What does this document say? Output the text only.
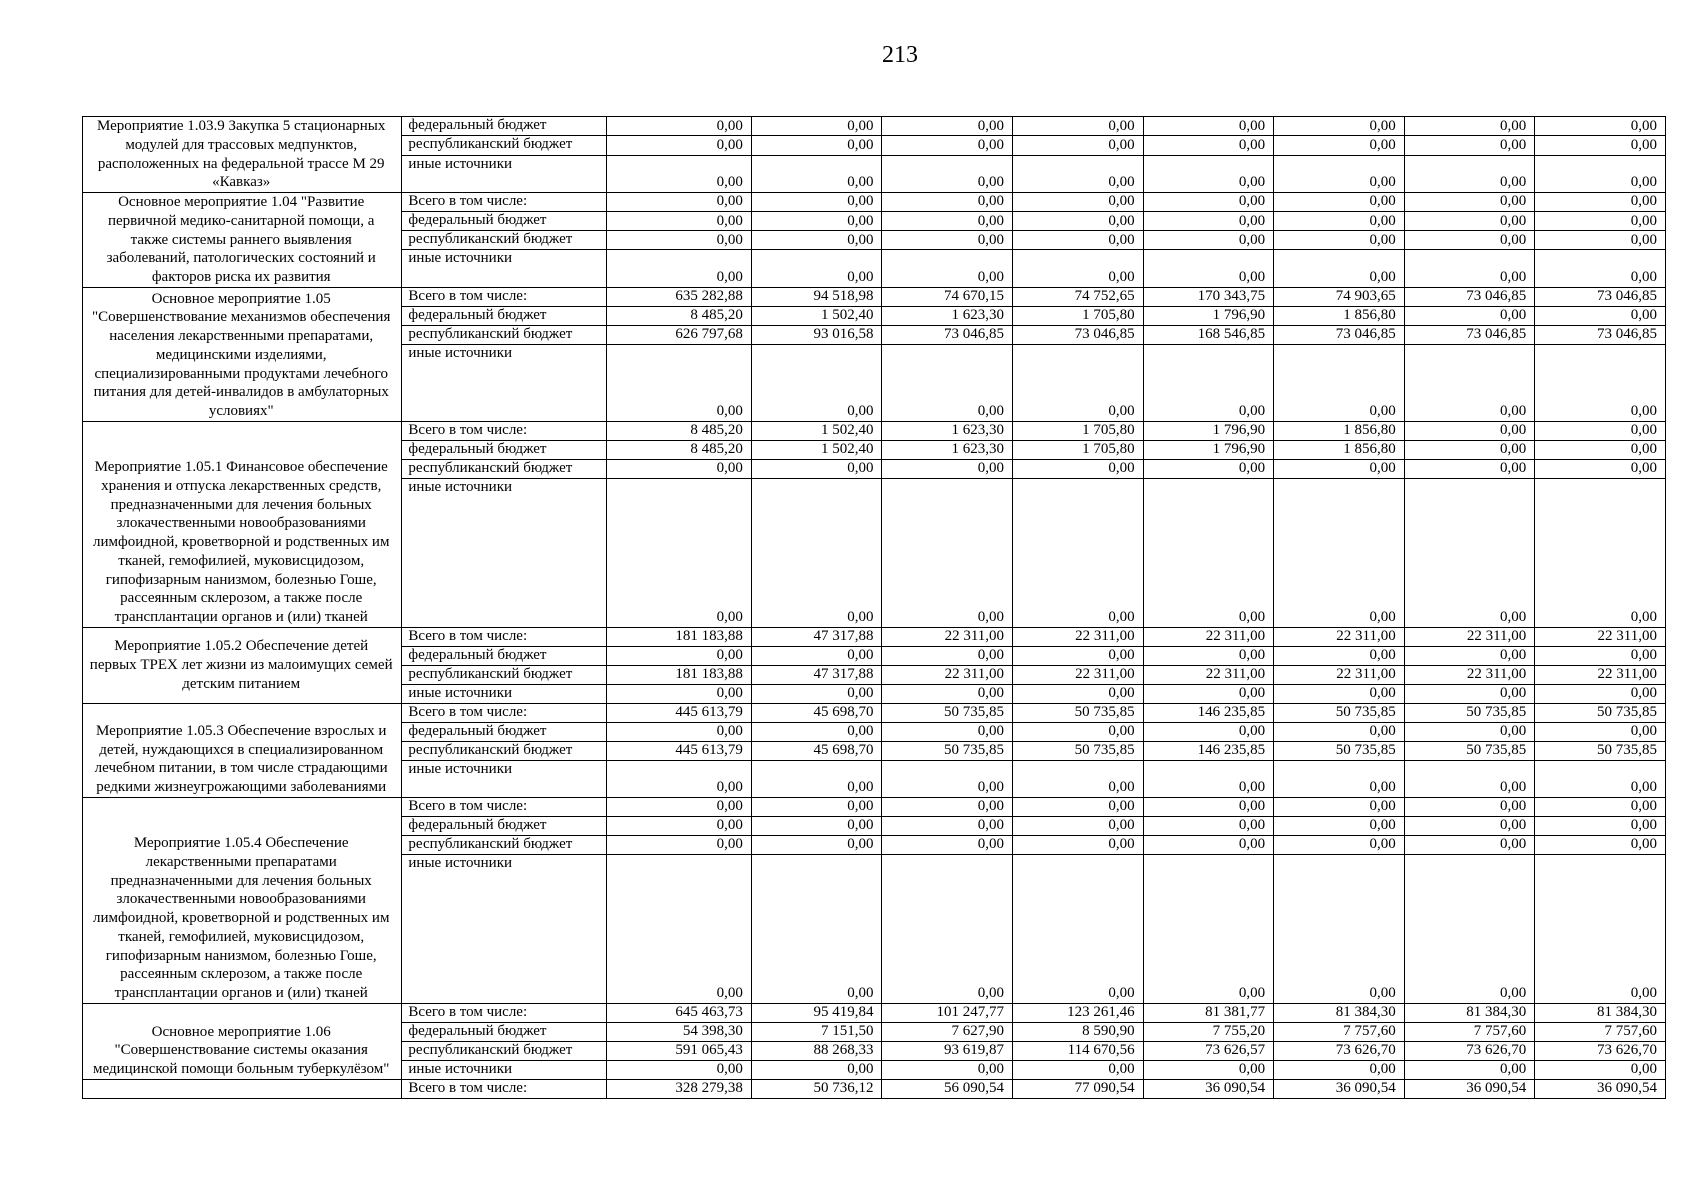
213
Мероприятие 1.03.9 Закупка 5 стационарных модулей для трассовых медпунктов, расположенных на федеральной трассе М 29 «Кавказ»	федеральный бюджет	0,00	0,00	0,00	0,00	0,00	0,00	0,00	0,00
	республиканский бюджет	0,00	0,00	0,00	0,00	0,00	0,00	0,00	0,00
	иные источники	0,00	0,00	0,00	0,00	0,00	0,00	0,00	0,00
Основное мероприятие 1.04 "Развитие первичной медико-санитарной помощи, а также системы раннего выявления заболеваний, патологических состояний и факторов риска их развития	Всего в том числе:	0,00	0,00	0,00	0,00	0,00	0,00	0,00	0,00
	федеральный бюджет	0,00	0,00	0,00	0,00	0,00	0,00	0,00	0,00
	республиканский бюджет	0,00	0,00	0,00	0,00	0,00	0,00	0,00	0,00
	иные источники	0,00	0,00	0,00	0,00	0,00	0,00	0,00	0,00
Основное мероприятие 1.05 "Совершенствование механизмов обеспечения населения лекарственными препаратами, медицинскими изделиями, специализированными продуктами лечебного питания для детей-инвалидов в амбулаторных условиях"	Всего в том числе:	635 282,88	94 518,98	74 670,15	74 752,65	170 343,75	74 903,65	73 046,85	73 046,85
	федеральный бюджет	8 485,20	1 502,40	1 623,30	1 705,80	1 796,90	1 856,80	0,00	0,00
	республиканский бюджет	626 797,68	93 016,58	73 046,85	73 046,85	168 546,85	73 046,85	73 046,85	73 046,85
	иные источники	0,00	0,00	0,00	0,00	0,00	0,00	0,00	0,00
Мероприятие 1.05.1 Финансовое обеспечение хранения и отпуска лекарственных средств, предназначенными для лечения больных злокачественными новообразованиями лимфоидной, кроветворной и родственных им тканей, гемофилией, муковисцидозом, гипофизарным нанизмом, болезнью Гоше, рассеянным склерозом, а также после трансплантации органов и (или) тканей	Всего в том числе:	8 485,20	1 502,40	1 623,30	1 705,80	1 796,90	1 856,80	0,00	0,00
	федеральный бюджет	8 485,20	1 502,40	1 623,30	1 705,80	1 796,90	1 856,80	0,00	0,00
	республиканский бюджет	0,00	0,00	0,00	0,00	0,00	0,00	0,00	0,00
	иные источники	0,00	0,00	0,00	0,00	0,00	0,00	0,00	0,00
Мероприятие 1.05.2 Обеспечение детей первых ТРЕХ лет жизни из малоимущих семей детским питанием	Всего в том числе:	181 183,88	47 317,88	22 311,00	22 311,00	22 311,00	22 311,00	22 311,00	22 311,00
	федеральный бюджет	0,00	0,00	0,00	0,00	0,00	0,00	0,00	0,00
	республиканский бюджет	181 183,88	47 317,88	22 311,00	22 311,00	22 311,00	22 311,00	22 311,00	22 311,00
	иные источники	0,00	0,00	0,00	0,00	0,00	0,00	0,00	0,00
Мероприятие 1.05.3 Обеспечение взрослых и детей, нуждающихся в специализированном лечебном питании, в том числе страдающими редкими жизнеугрожающими заболеваниями	Всего в том числе:	445 613,79	45 698,70	50 735,85	50 735,85	146 235,85	50 735,85	50 735,85	50 735,85
	федеральный бюджет	0,00	0,00	0,00	0,00	0,00	0,00	0,00	0,00
	республиканский бюджет	445 613,79	45 698,70	50 735,85	50 735,85	146 235,85	50 735,85	50 735,85	50 735,85
	иные источники	0,00	0,00	0,00	0,00	0,00	0,00	0,00	0,00
Мероприятие 1.05.4 Обеспечение лекарственными препаратами предназначенными для лечения больных злокачественными новообразованиями лимфоидной, кроветворной и родственных им тканей, гемофилией, муковисцидозом, гипофизарным нанизмом, болезнью Гоше, рассеянным склерозом, а также после трансплантации органов и (или) тканей	Всего в том числе:	0,00	0,00	0,00	0,00	0,00	0,00	0,00	0,00
	федеральный бюджет	0,00	0,00	0,00	0,00	0,00	0,00	0,00	0,00
	республиканский бюджет	0,00	0,00	0,00	0,00	0,00	0,00	0,00	0,00
	иные источники	0,00	0,00	0,00	0,00	0,00	0,00	0,00	0,00
Основное мероприятие 1.06 "Совершенствование системы оказания медицинской помощи больным туберкулёзом"	Всего в том числе:	645 463,73	95 419,84	101 247,77	123 261,46	81 381,77	81 384,30	81 384,30	81 384,30
	федеральный бюджет	54 398,30	7 151,50	7 627,90	8 590,90	7 755,20	7 757,60	7 757,60	7 757,60
	республиканский бюджет	591 065,43	88 268,33	93 619,87	114 670,56	73 626,57	73 626,70	73 626,70	73 626,70
	иные источники	0,00	0,00	0,00	0,00	0,00	0,00	0,00	0,00
	Всего в том числе:	328 279,38	50 736,12	56 090,54	77 090,54	36 090,54	36 090,54	36 090,54	36 090,54
